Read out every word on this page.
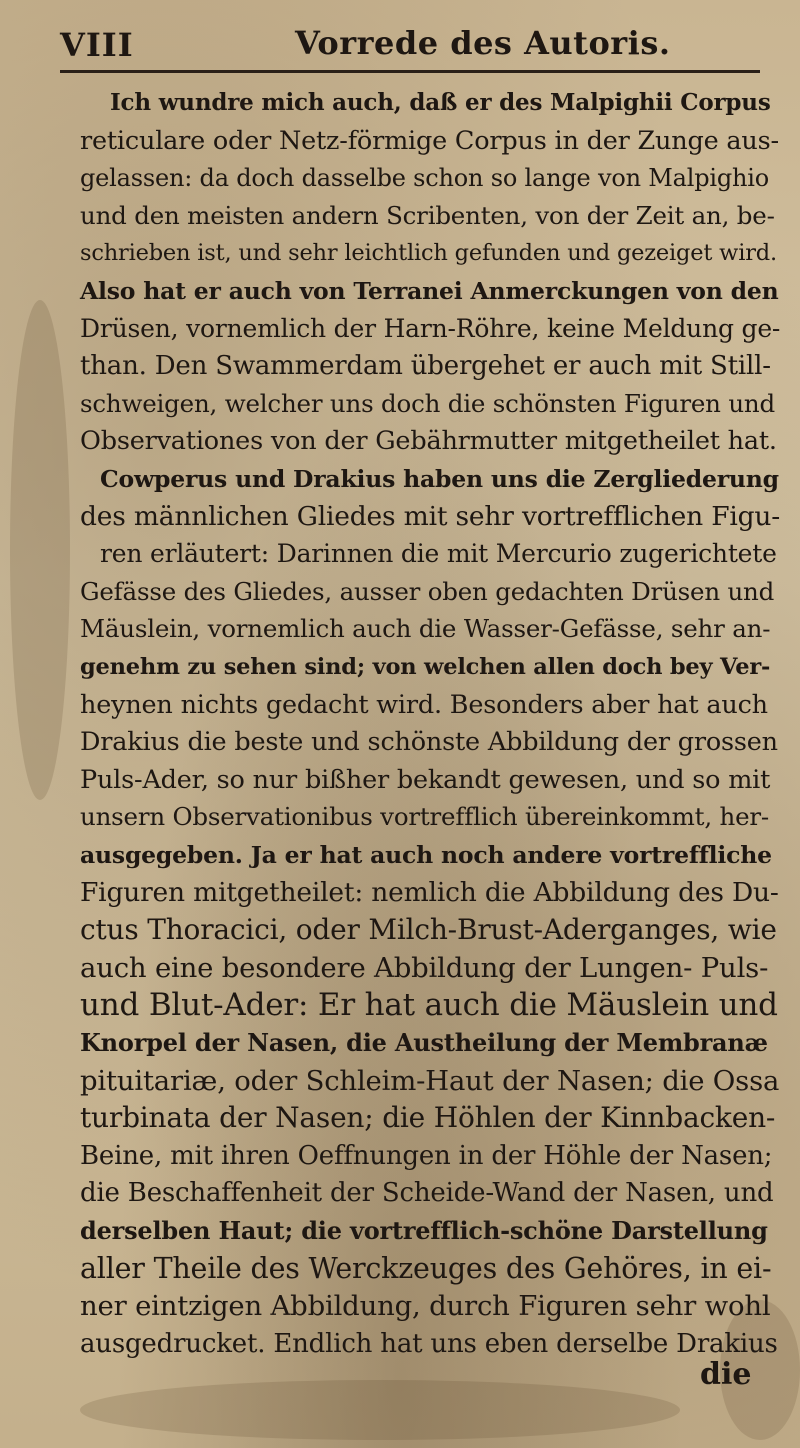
VIII	Vorrede des Autoris.
Ich wundre mich auch, daß er des Malpighii Corpus
reticulare oder Netz-förmige Corpus in der Zunge aus-
gelassen: da doch dasselbe schon so lange von Malpighio
und den meisten andern Scribenten, von der Zeit an, be-
schrieben ist, und sehr leichtlich gefunden und gezeiget wird.
Also hat er auch von Terranei Anmerckungen von den
Drüsen, vornemlich der Harn-Röhre, keine Meldung ge-
than. Den Swammerdam übergehet er auch mit Still-
schweigen, welcher uns doch die schönsten Figuren und
Observationes von der Gebährmutter mitgetheilet hat.
Cowperus und Drakius haben uns die Zergliederung
des männlichen Gliedes mit sehr vortrefflichen Figu-
ren erläutert: Darinnen die mit Mercurio zugerichtete
Gefässe des Gliedes, ausser oben gedachten Drüsen und
Mäuslein, vornemlich auch die Wasser-Gefässe, sehr an-
genehm zu sehen sind; von welchen allen doch bey Ver-
heynen nichts gedacht wird. Besonders aber hat auch
Drakius die beste und schönste Abbildung der grossen
Puls-Ader, so nur bißher bekandt gewesen, und so mit
unsern Observationibus vortrefflich übereinkommt, her-
ausgegeben. Ja er hat auch noch andere vortreffliche
Figuren mitgetheilet: nemlich die Abbildung des Du-
ctus Thoracici, oder Milch-Brust-Aderganges, wie
auch eine besondere Abbildung der Lungen- Puls-
und Blut-Ader: Er hat auch die Mäuslein und
Knorpel der Nasen, die Austheilung der Membranæ
pituitariæ, oder Schleim-Haut der Nasen; die Ossa
turbinata der Nasen; die Höhlen der Kinnbacken-
Beine, mit ihren Oeffnungen in der Höhle der Nasen;
die Beschaffenheit der Scheide-Wand der Nasen, und
derselben Haut; die vortrefflich-schöne Darstellung
aller Theile des Werckzeuges des Gehöres, in ei-
ner eintzigen Abbildung, durch Figuren sehr wohl
ausgedrucket. Endlich hat uns eben derselbe Drakius
die
